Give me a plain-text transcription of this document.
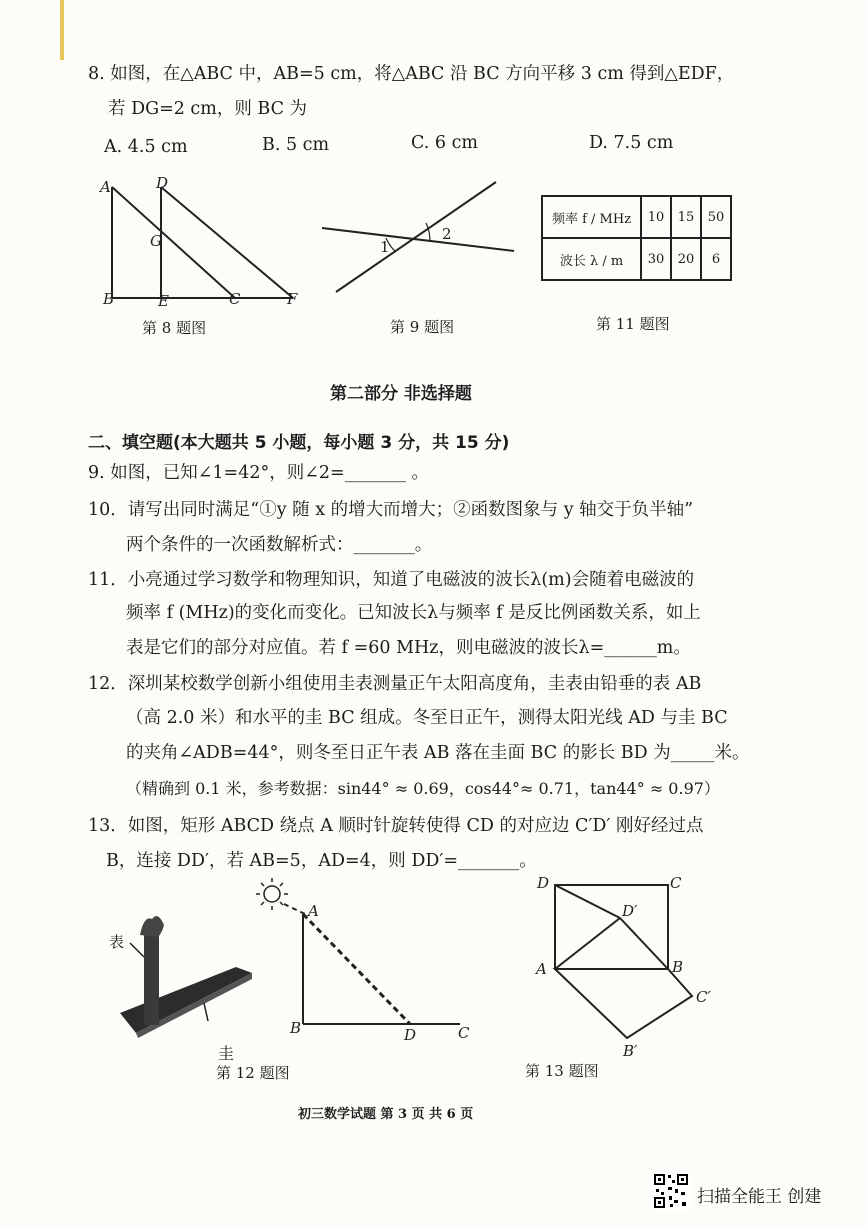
8. 如图，在△ABC 中，AB=5 cm，将△ABC 沿 BC 方向平移 3 cm 得到△EDF，
若 DG=2 cm，则 BC 为
A. 4.5 cm	B. 5 cm	C. 6 cm	D. 7.5 cm
A	D
G
B	E	C	F
第 8 题图
1
2
第 9 题图
频率 f / MHz	10	15	50
波长 λ / m	30	20	6
第 11 题图
第二部分 非选择题
二、填空题(本大题共 5 小题，每小题 3 分，共 15 分)
9. 如图，已知∠1=42°，则∠2=_______ 。
10．请写出同时满足“①y 随 x 的增大而增大；②函数图象与 y 轴交于负半轴”
两个条件的一次函数解析式：_______。
11．小亮通过学习数学和物理知识，知道了电磁波的波长λ(m)会随着电磁波的
频率 f (MHz)的变化而变化。已知波长λ与频率 f 是反比例函数关系，如上
表是它们的部分对应值。若 f =60 MHz，则电磁波的波长λ=______m。
12．深圳某校数学创新小组使用圭表测量正午太阳高度角，圭表由铅垂的表 AB
（高 2.0 米）和水平的圭 BC 组成。冬至日正午，测得太阳光线 AD 与圭 BC
的夹角∠ADB=44°，则冬至日正午表 AB 落在圭面 BC 的影长 BD 为_____米。
（精确到 0.1 米，参考数据：sin44° ≈ 0.69，cos44°≈ 0.71，tan44° ≈ 0.97）
13．如图，矩形 ABCD 绕点 A 顺时针旋转使得 CD 的对应边 C′D′ 刚好经过点
B，连接 DD′，若 AB=5，AD=4，则 DD′=_______。
表
圭
A
B	D	C
第 12 题图
D	C
D′
A	B
C′
B′
第 13 题图
初三数学试题 第 3 页 共 6 页
扫描全能王 创建
